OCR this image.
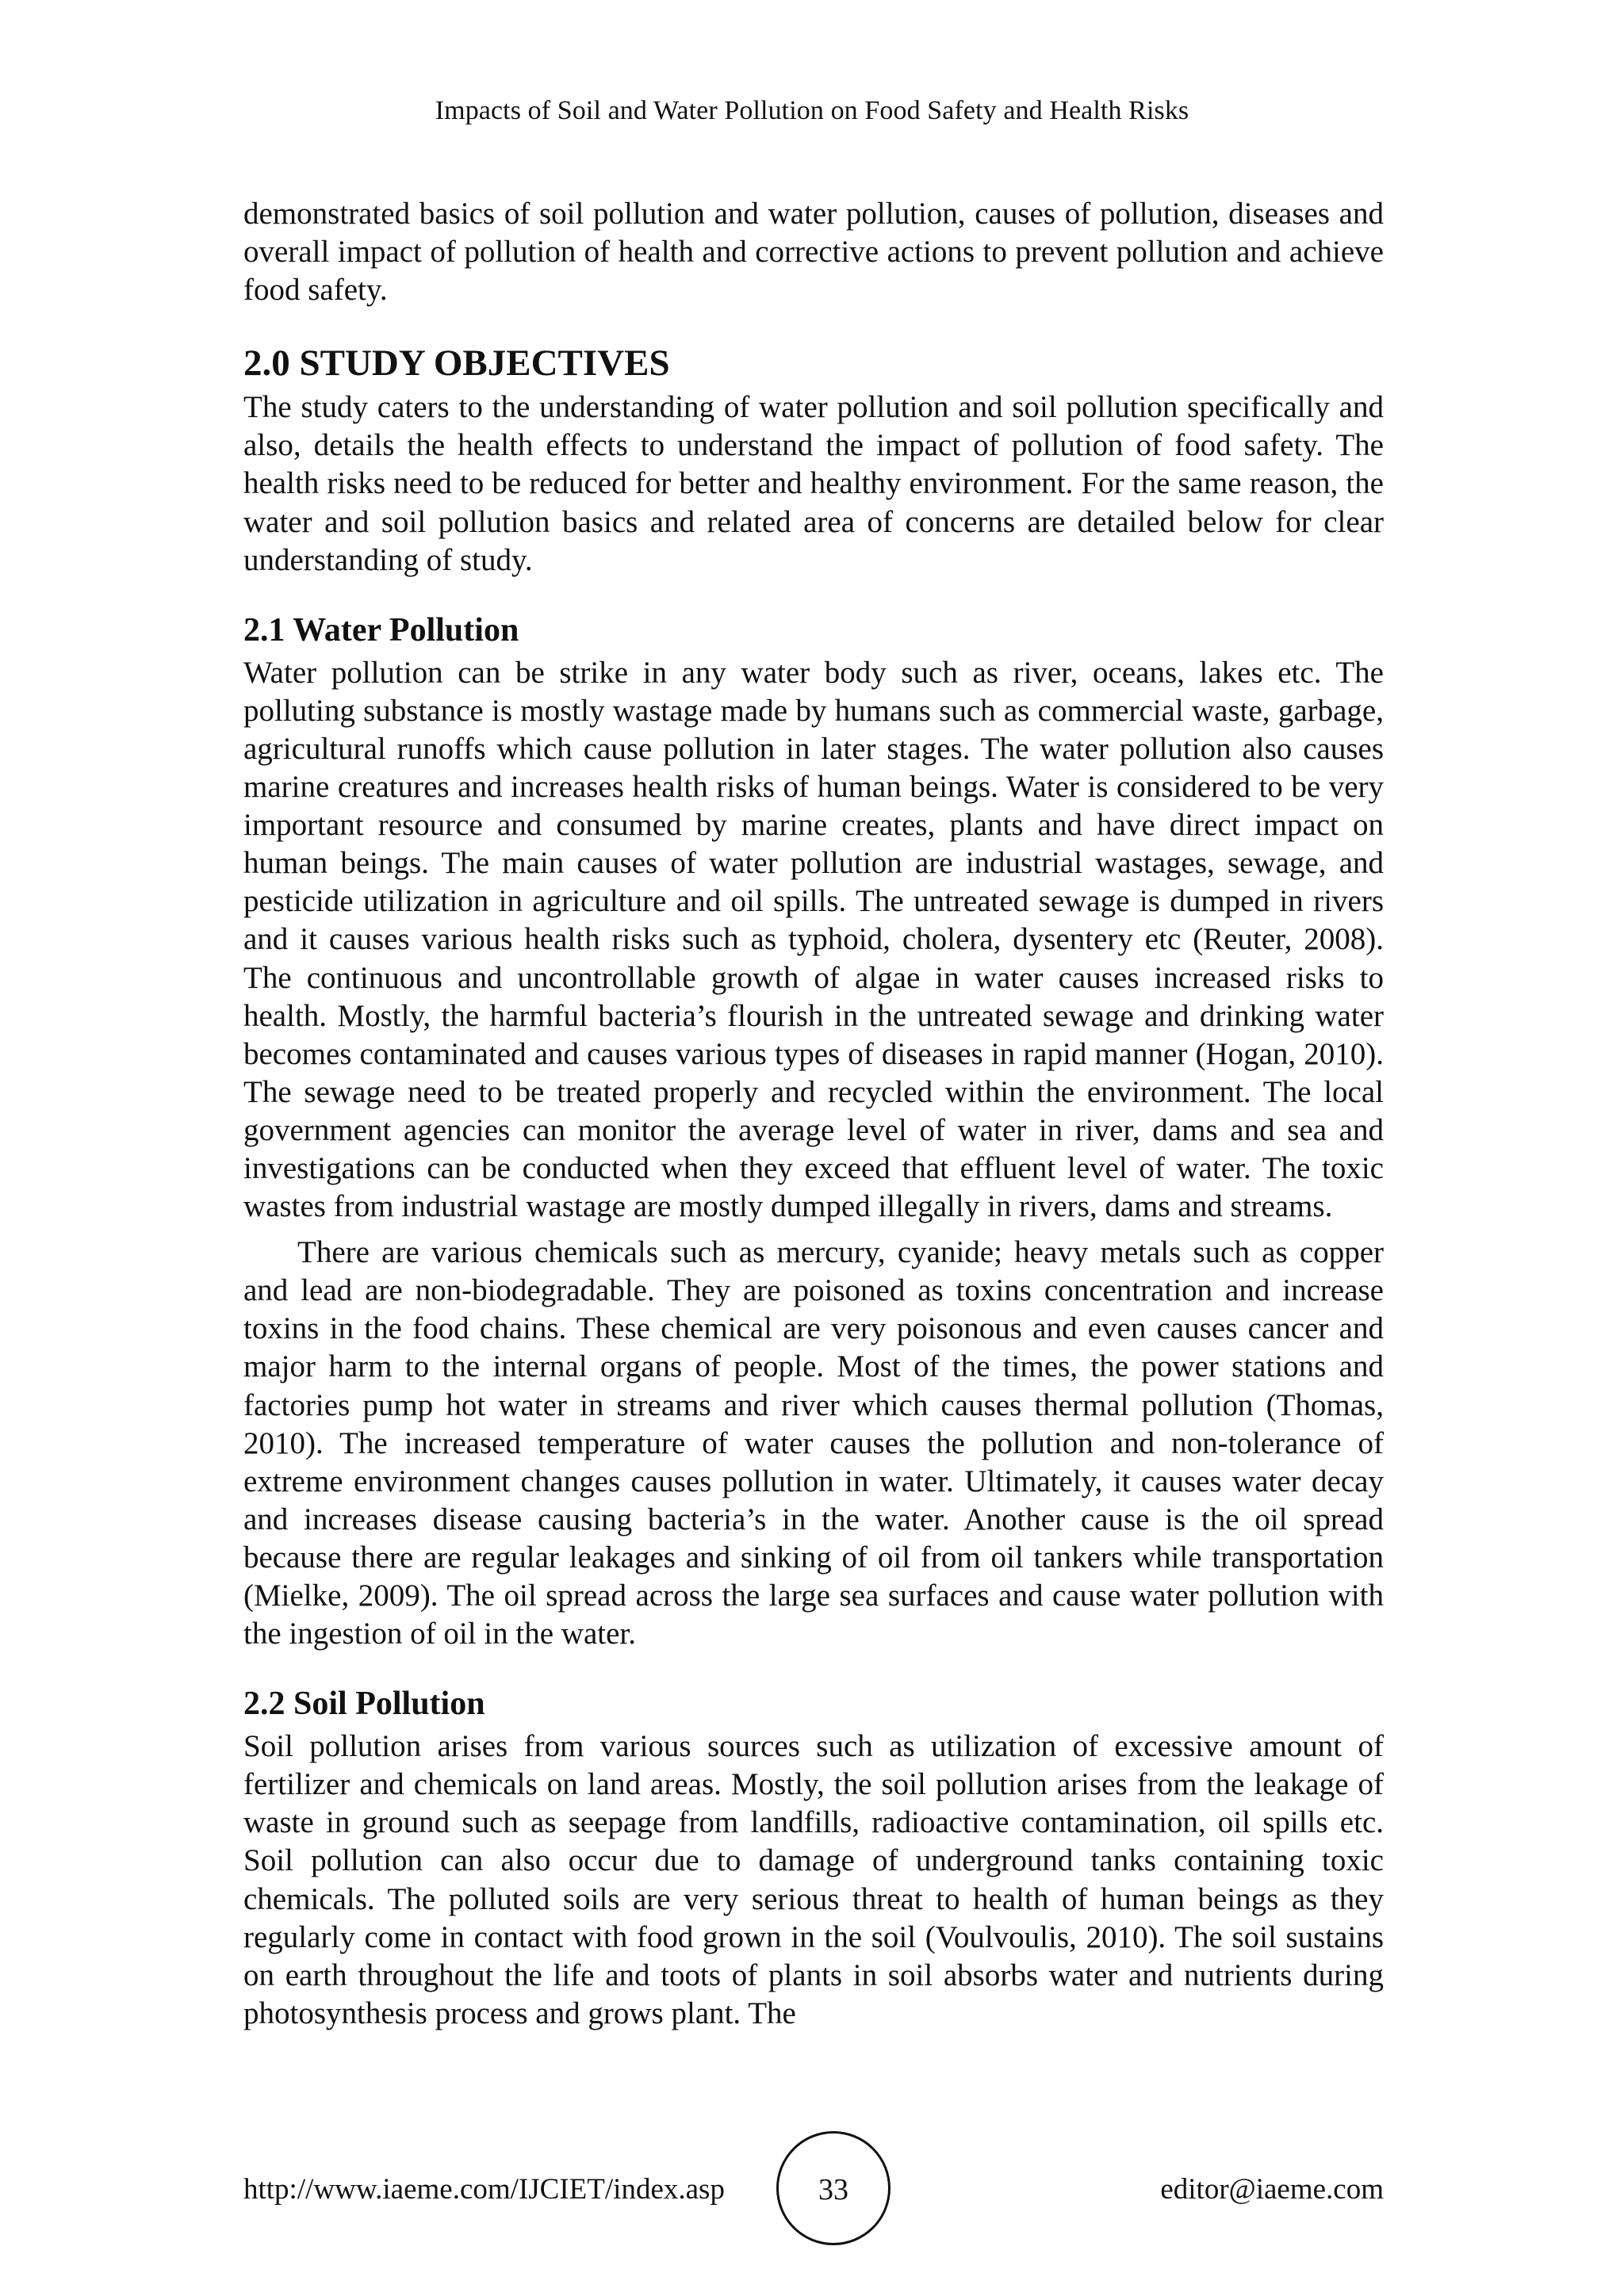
Impacts of Soil and Water Pollution on Food Safety and Health Risks

demonstrated basics of soil pollution and water pollution, causes of pollution, diseases and overall impact of pollution of health and corrective actions to prevent pollution and achieve food safety.

2.0 STUDY OBJECTIVES

The study caters to the understanding of water pollution and soil pollution specifically and also, details the health effects to understand the impact of pollution of food safety. The health risks need to be reduced for better and healthy environment. For the same reason, the water and soil pollution basics and related area of concerns are detailed below for clear understanding of study.

2.1 Water Pollution

Water pollution can be strike in any water body such as river, oceans, lakes etc. The polluting substance is mostly wastage made by humans such as commercial waste, garbage, agricultural runoffs which cause pollution in later stages. The water pollution also causes marine creatures and increases health risks of human beings. Water is considered to be very important resource and consumed by marine creates, plants and have direct impact on human beings. The main causes of water pollution are industrial wastages, sewage, and pesticide utilization in agriculture and oil spills. The untreated sewage is dumped in rivers and it causes various health risks such as typhoid, cholera, dysentery etc (Reuter, 2008). The continuous and uncontrollable growth of algae in water causes increased risks to health. Mostly, the harmful bacteria’s flourish in the untreated sewage and drinking water becomes contaminated and causes various types of diseases in rapid manner (Hogan, 2010). The sewage need to be treated properly and recycled within the environment. The local government agencies can monitor the average level of water in river, dams and sea and investigations can be conducted when they exceed that effluent level of water. The toxic wastes from industrial wastage are mostly dumped illegally in rivers, dams and streams.

There are various chemicals such as mercury, cyanide; heavy metals such as copper and lead are non-biodegradable. They are poisoned as toxins concentration and increase toxins in the food chains. These chemical are very poisonous and even causes cancer and major harm to the internal organs of people. Most of the times, the power stations and factories pump hot water in streams and river which causes thermal pollution (Thomas, 2010). The increased temperature of water causes the pollution and non-tolerance of extreme environment changes causes pollution in water. Ultimately, it causes water decay and increases disease causing bacteria’s in the water. Another cause is the oil spread because there are regular leakages and sinking of oil from oil tankers while transportation (Mielke, 2009). The oil spread across the large sea surfaces and cause water pollution with the ingestion of oil in the water.

2.2 Soil Pollution

Soil pollution arises from various sources such as utilization of excessive amount of fertilizer and chemicals on land areas. Mostly, the soil pollution arises from the leakage of waste in ground such as seepage from landfills, radioactive contamination, oil spills etc. Soil pollution can also occur due to damage of underground tanks containing toxic chemicals. The polluted soils are very serious threat to health of human beings as they regularly come in contact with food grown in the soil (Voulvoulis, 2010). The soil sustains on earth throughout the life and toots of plants in soil absorbs water and nutrients during photosynthesis process and grows plant. The

http://www.iaeme.com/IJCIET/index.asp	33	editor@iaeme.com
